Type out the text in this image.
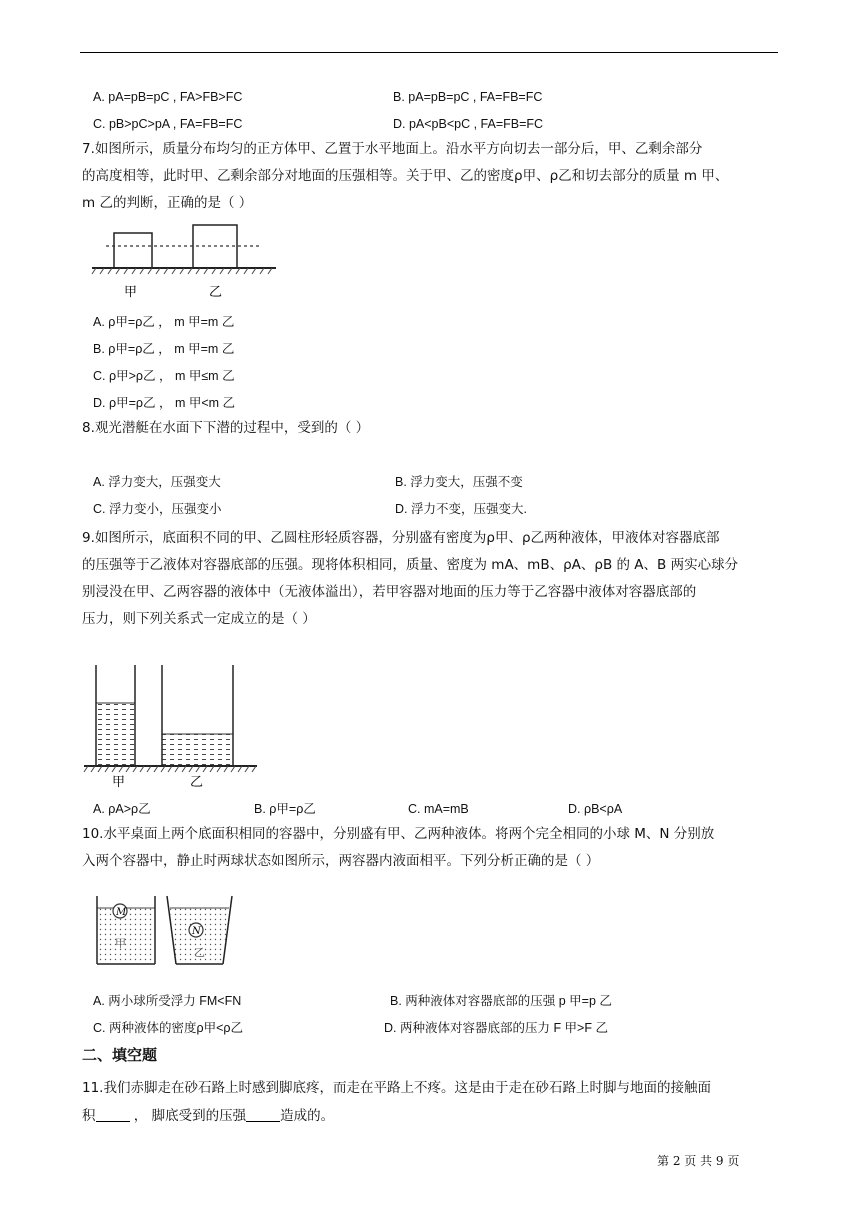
A. pA=pB=pC , FA>FB>FC	B. pA=pB=pC , FA=FB=FC
C. pB>pC>pA , FA=FB=FC	D. pA<pB<pC , FA=FB=FC
7.如图所示，质量分布均匀的正方体甲、乙置于水平地面上。沿水平方向切去一部分后，甲、乙剩余部分
的高度相等，此时甲、乙剩余部分对地面的压强相等。关于甲、乙的密度ρ甲、ρ乙和切去部分的质量 m 甲、
m 乙的判断，正确的是（ ）
甲	乙
A. ρ甲=ρ乙 ， m 甲=m 乙
B. ρ甲=ρ乙 ， m 甲=m 乙
C. ρ甲>ρ乙 ， m 甲≤m 乙
D. ρ甲=ρ乙 ， m 甲<m 乙
8.观光潜艇在水面下下潜的过程中，受到的（ ）
A. 浮力变大，压强变大	B. 浮力变大，压强不变
C. 浮力变小，压强变小	D. 浮力不变，压强变大.
9.如图所示，底面积不同的甲、乙圆柱形轻质容器，分别盛有密度为ρ甲、ρ乙两种液体，甲液体对容器底部
的压强等于乙液体对容器底部的压强。现将体积相同，质量、密度为 mA、mB、ρA、ρB 的 A、B 两实心球分
别浸没在甲、乙两容器的液体中（无液体溢出），若甲容器对地面的压力等于乙容器中液体对容器底部的
压力，则下列关系式一定成立的是（ ）
甲	乙
A. ρA>ρ乙	B. ρ甲=ρ乙	C. mA=mB	D. ρB<ρA
10.水平桌面上两个底面积相同的容器中，分别盛有甲、乙两种液体。将两个完全相同的小球 M、N 分别放
入两个容器中，静止时两球状态如图所示，两容器内液面相平。下列分析正确的是（ ）
M
甲
N
乙
A. 两小球所受浮力 FM<FN	B. 两种液体对容器底部的压强 p 甲=p 乙
C. 两种液体的密度ρ甲<ρ乙	D. 两种液体对容器底部的压力 F 甲>F 乙
二、填空题
11.我们赤脚走在砂石路上时感到脚底疼，而走在平路上不疼。这是由于走在砂石路上时脚与地面的接触面
积	， 脚底受到的压强	造成的。
第 2 页 共 9 页
